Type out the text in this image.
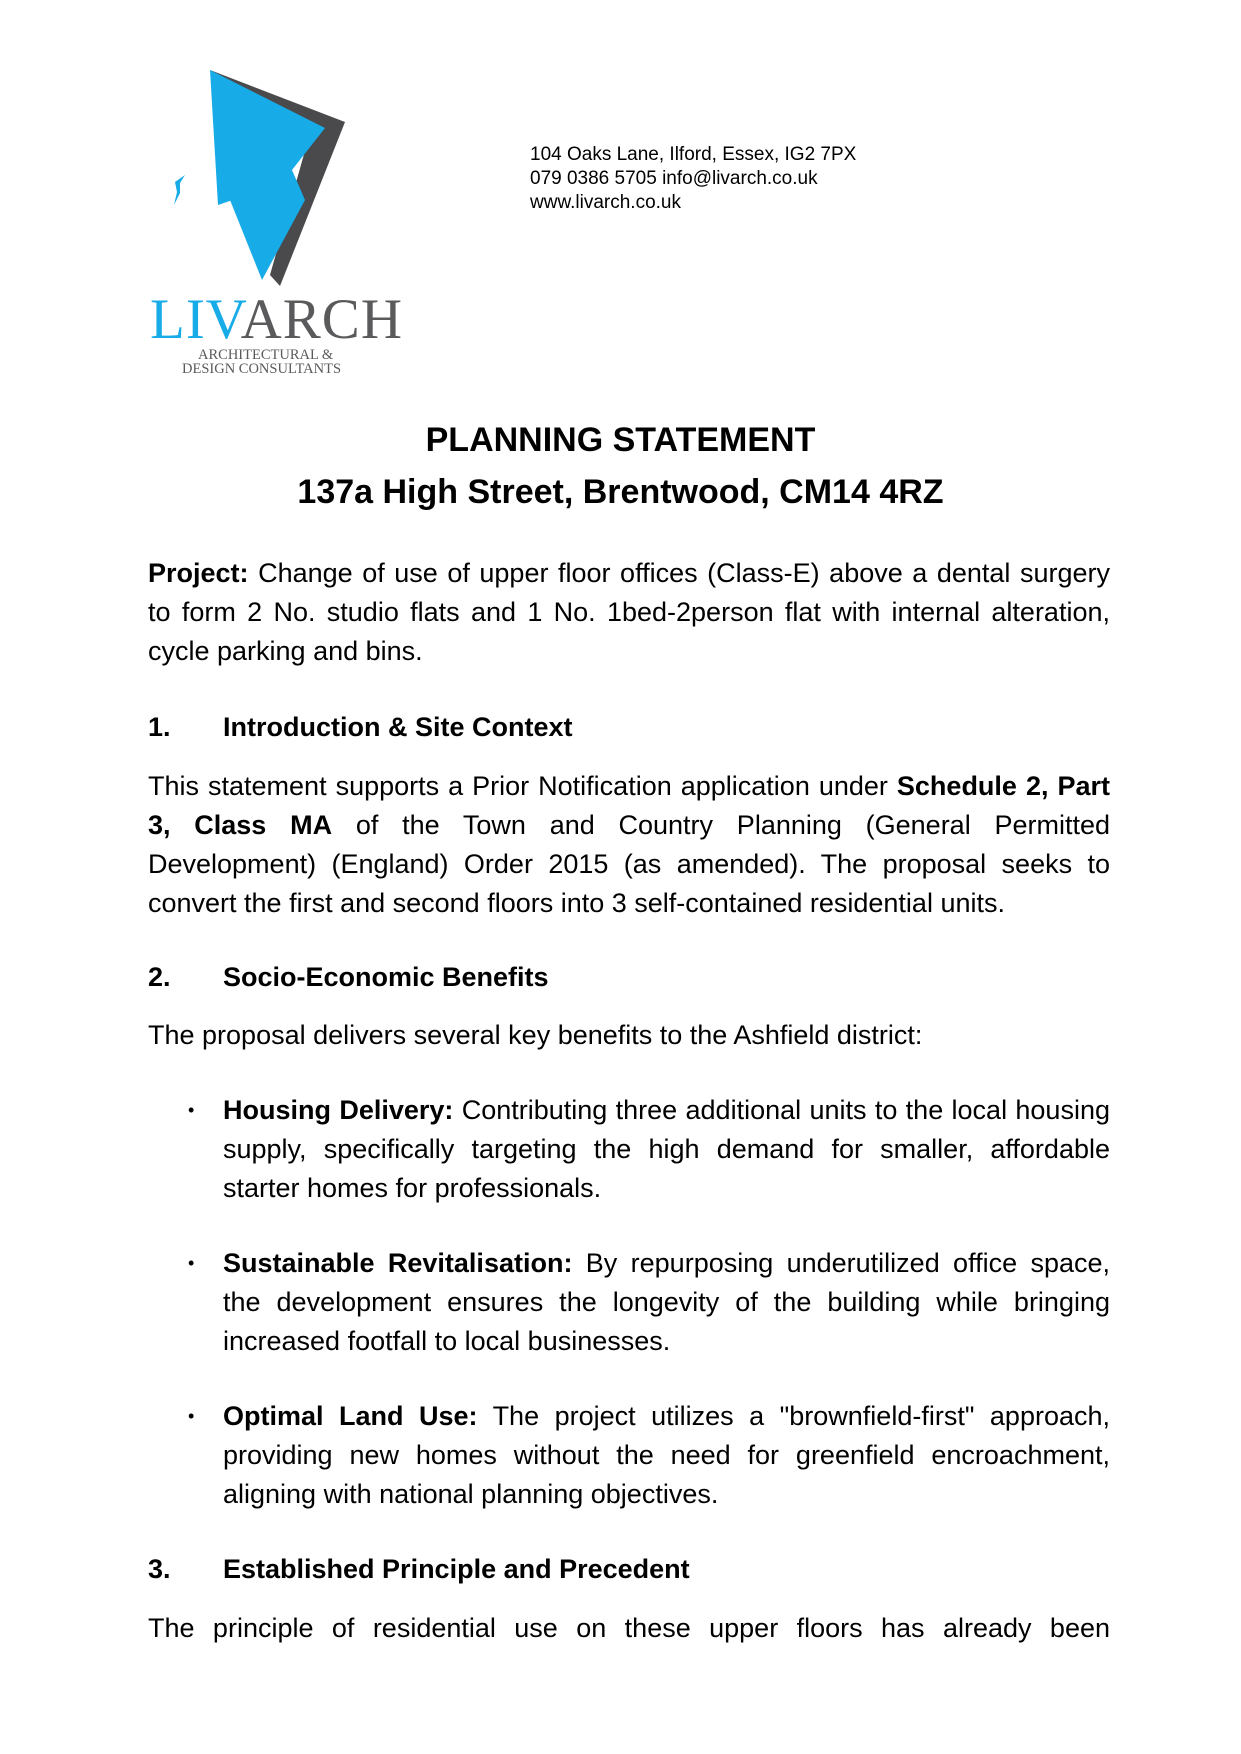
LIVARCH
ARCHITECTURAL &
DESIGN CONSULTANTS
104 Oaks Lane, Ilford, Essex, IG2 7PX
079 0386 5705 info@livarch.co.uk
www.livarch.co.uk
PLANNING STATEMENT
137a High Street, Brentwood, CM14 4RZ

Project: Change of use of upper floor offices (Class-E) above a dental surgery to form 2 No. studio flats and 1 No. 1bed-2person flat with internal alteration, cycle parking and bins.

1. Introduction & Site Context

This statement supports a Prior Notification application under Schedule 2, Part 3, Class MA of the Town and Country Planning (General Permitted Development) (England) Order 2015 (as amended). The proposal seeks to convert the first and second floors into 3 self-contained residential units.

2. Socio-Economic Benefits

The proposal delivers several key benefits to the Ashfield district:

• Housing Delivery: Contributing three additional units to the local housing supply, specifically targeting the high demand for smaller, affordable starter homes for professionals.
• Sustainable Revitalisation: By repurposing underutilized office space, the development ensures the longevity of the building while bringing increased footfall to local businesses.
• Optimal Land Use: The project utilizes a "brownfield-first" approach, providing new homes without the need for greenfield encroachment, aligning with national planning objectives.
3. Established Principle and Precedent

The principle of residential use on these upper floors has already been
